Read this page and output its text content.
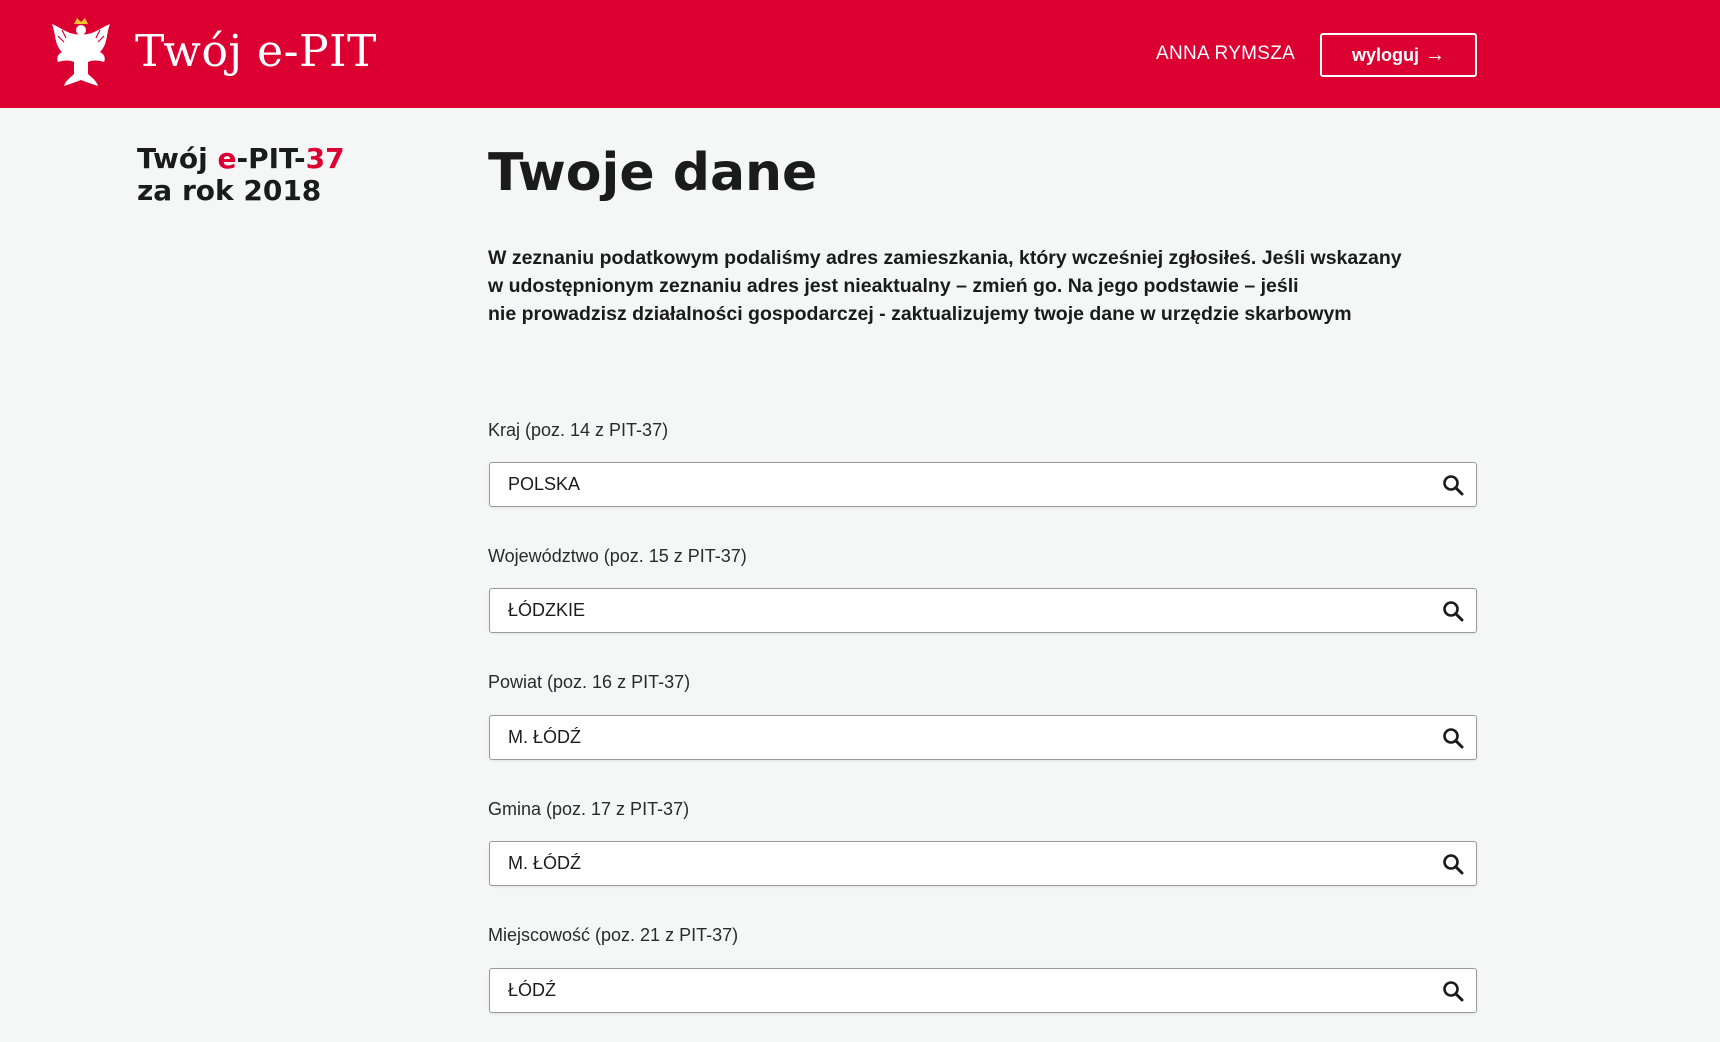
Twój e-PIT	ANNA RYMSZA	wyloguj →
Twój e-PIT-37
za rok 2018	Twoje dane
W zeznaniu podatkowym podaliśmy adres zamieszkania, który wcześniej zgłosiłeś. Jeśli wskazany
w udostępnionym zeznaniu adres jest nieaktualny – zmień go. Na jego podstawie – jeśli
nie prowadzisz działalności gospodarczej - zaktualizujemy twoje dane w urzędzie skarbowym
Kraj (poz. 14 z PIT-37)
POLSKA
Województwo (poz. 15 z PIT-37)
ŁÓDZKIE
Powiat (poz. 16 z PIT-37)
M. ŁÓDŹ
Gmina (poz. 17 z PIT-37)
M. ŁÓDŹ
Miejscowość (poz. 21 z PIT-37)
ŁÓDŹ
